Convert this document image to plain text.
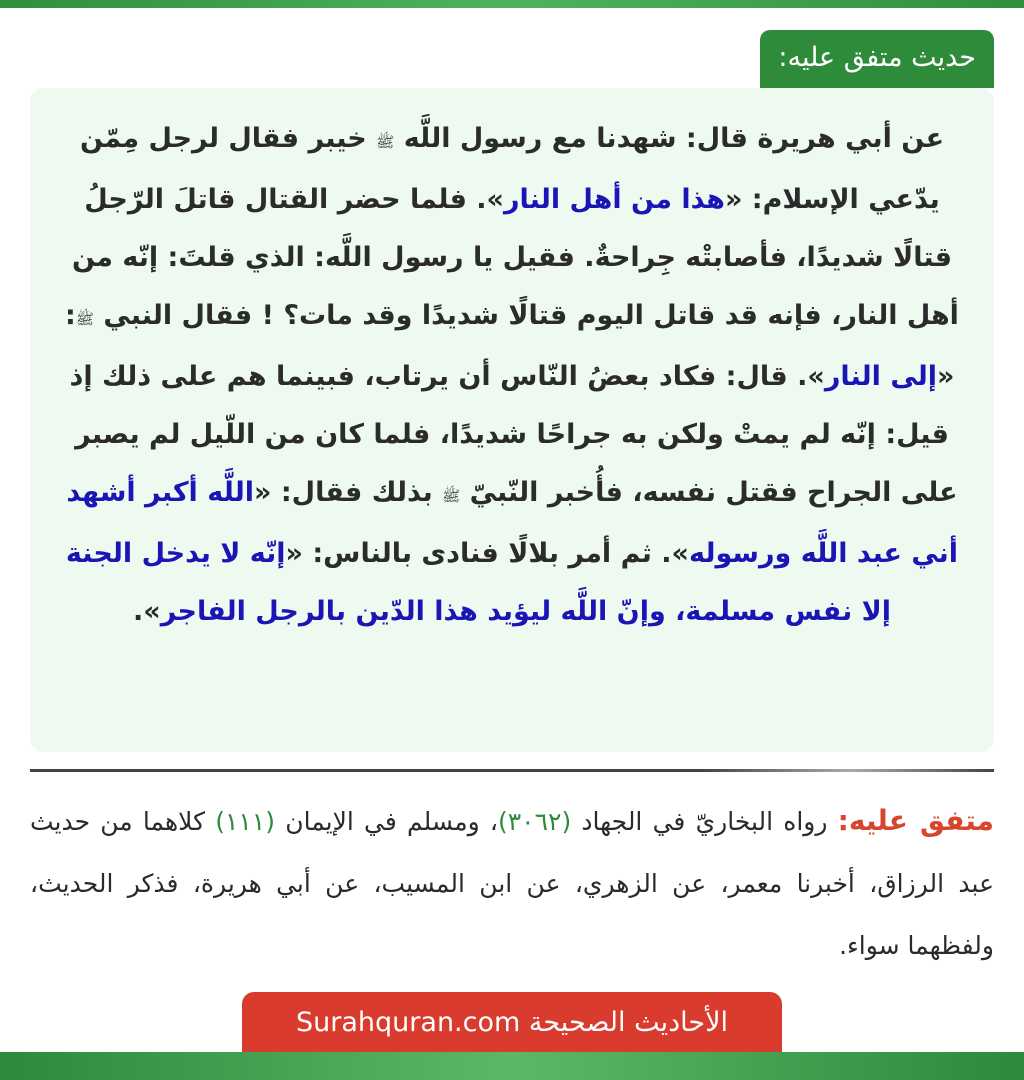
حديث متفق عليه:

عن أبي هريرة قال: شهدنا مع رسول اللَّه ﷺ خيبر فقال لرجل مِمّن يدّعي الإسلام: «هذا من أهل النار». فلما حضر القتال قاتلَ الرّجلُ قتالًا شديدًا، فأصابتْه جِراحةٌ. فقيل يا رسول اللَّه: الذي قلتَ: إنّه من أهل النار، فإنه قد قاتل اليوم قتالًا شديدًا وقد مات؟ ! فقال النبي ﷺ: «إلى النار». قال: فكاد بعضُ النّاس أن يرتاب، فبينما هم على ذلك إذ قيل: إنّه لم يمتْ ولكن به جراحًا شديدًا، فلما كان من اللّيل لم يصبر على الجراح فقتل نفسه، فأُخبر النّبيّ ﷺ بذلك فقال: «اللَّه أكبر أشهد أني عبد اللَّه ورسوله». ثم أمر بلالًا فنادى بالناس: «إنّه لا يدخل الجنة إلا نفس مسلمة، وإنّ اللَّه ليؤيد هذا الدّين بالرجل الفاجر».

متفق عليه: رواه البخاريّ في الجهاد (٣٠٦٢)، ومسلم في الإيمان (١١١) كلاهما من حديث عبد الرزاق، أخبرنا معمر، عن الزهري، عن ابن المسيب، عن أبي هريرة، فذكر الحديث، ولفظهما سواء.

الأحاديث الصحيحة Surahquran.com
